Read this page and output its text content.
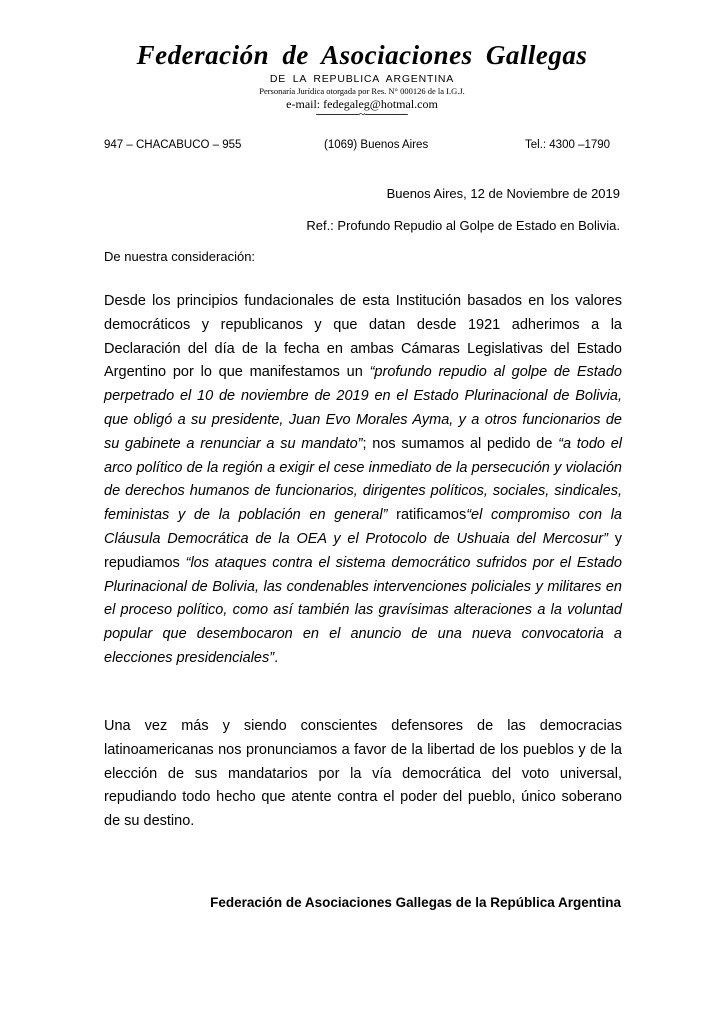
Federación de Asociaciones Gallegas
DE LA REPUBLICA ARGENTINA
Personaría Jurídica otorgada por Res. N° 000126 de la I.G.J.
e-mail: fedegaleg@hotmal.com
─────~─────
947 – CHACABUCO – 955	(1069) Buenos Aires	Tel.: 4300 –1790
Buenos Aires, 12 de Noviembre de 2019
Ref.: Profundo Repudio al Golpe de Estado en Bolivia.
De nuestra consideración:
Desde los principios fundacionales de esta Institución basados en los valores democráticos y republicanos y que datan desde 1921 adherimos a la Declaración del día de la fecha en ambas Cámaras Legislativas del Estado Argentino por lo que manifestamos un “profundo repudio al golpe de Estado perpetrado el 10 de noviembre de 2019 en el Estado Plurinacional de Bolivia, que obligó a su presidente, Juan Evo Morales Ayma, y a otros funcionarios de su gabinete a renunciar a su mandato”; nos sumamos al pedido de “a todo el arco político de la región a exigir el cese inmediato de la persecución y violación de derechos humanos de funcionarios, dirigentes políticos, sociales, sindicales, feministas y de la población en general” ratificamos“el compromiso con la Cláusula Democrática de la OEA y el Protocolo de Ushuaia del Mercosur” y repudiamos “los ataques contra el sistema democrático sufridos por el Estado Plurinacional de Bolivia, las condenables intervenciones policiales y militares en el proceso político, como así también las gravísimas alteraciones a la voluntad popular que desembocaron en el anuncio de una nueva convocatoria a elecciones presidenciales”.
Una vez más y siendo conscientes defensores de las democracias latinoamericanas nos pronunciamos a favor de la libertad de los pueblos y de la elección de sus mandatarios por la vía democrática del voto universal, repudiando todo hecho que atente contra el poder del pueblo, único soberano de su destino.
Federación de Asociaciones Gallegas de la República Argentina
